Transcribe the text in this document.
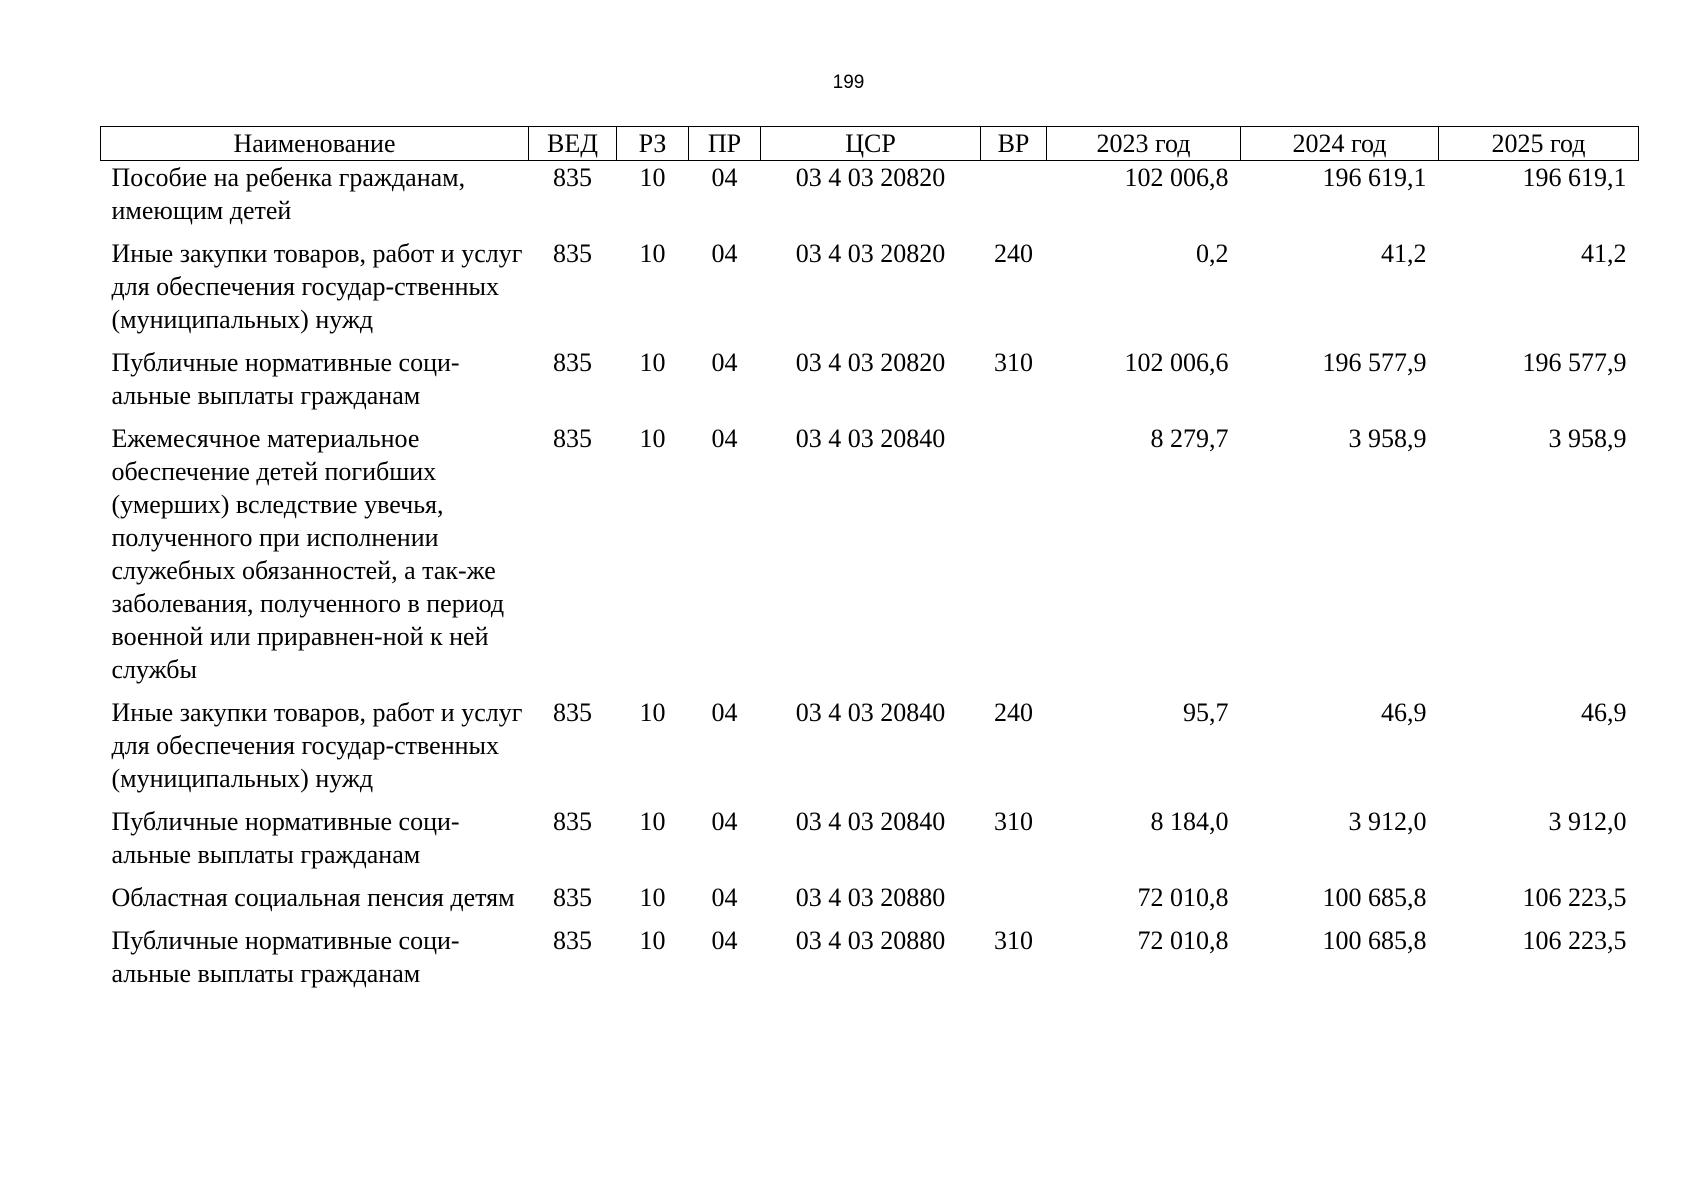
199
Наименование	ВЕД	РЗ	ПР	ЦСР	ВР	2023 год	2024 год	2025 год
Пособие на ребенка гражданам, имеющим детей	835	10	04	03 4 03 20820		102 006,8	196 619,1	196 619,1
Иные закупки товаров, работ и услуг для обеспечения государ-ственных (муниципальных) нужд	835	10	04	03 4 03 20820	240	0,2	41,2	41,2
Публичные нормативные соци-альные выплаты гражданам	835	10	04	03 4 03 20820	310	102 006,6	196 577,9	196 577,9
Ежемесячное материальное обеспечение детей погибших (умерших) вследствие увечья, полученного при исполнении служебных обязанностей, а так-же заболевания, полученного в период военной или приравнен-ной к ней службы	835	10	04	03 4 03 20840		8 279,7	3 958,9	3 958,9
Иные закупки товаров, работ и услуг для обеспечения государ-ственных (муниципальных) нужд	835	10	04	03 4 03 20840	240	95,7	46,9	46,9
Публичные нормативные соци-альные выплаты гражданам	835	10	04	03 4 03 20840	310	8 184,0	3 912,0	3 912,0
Областная социальная пенсия детям	835	10	04	03 4 03 20880		72 010,8	100 685,8	106 223,5
Публичные нормативные соци-альные выплаты гражданам	835	10	04	03 4 03 20880	310	72 010,8	100 685,8	106 223,5
